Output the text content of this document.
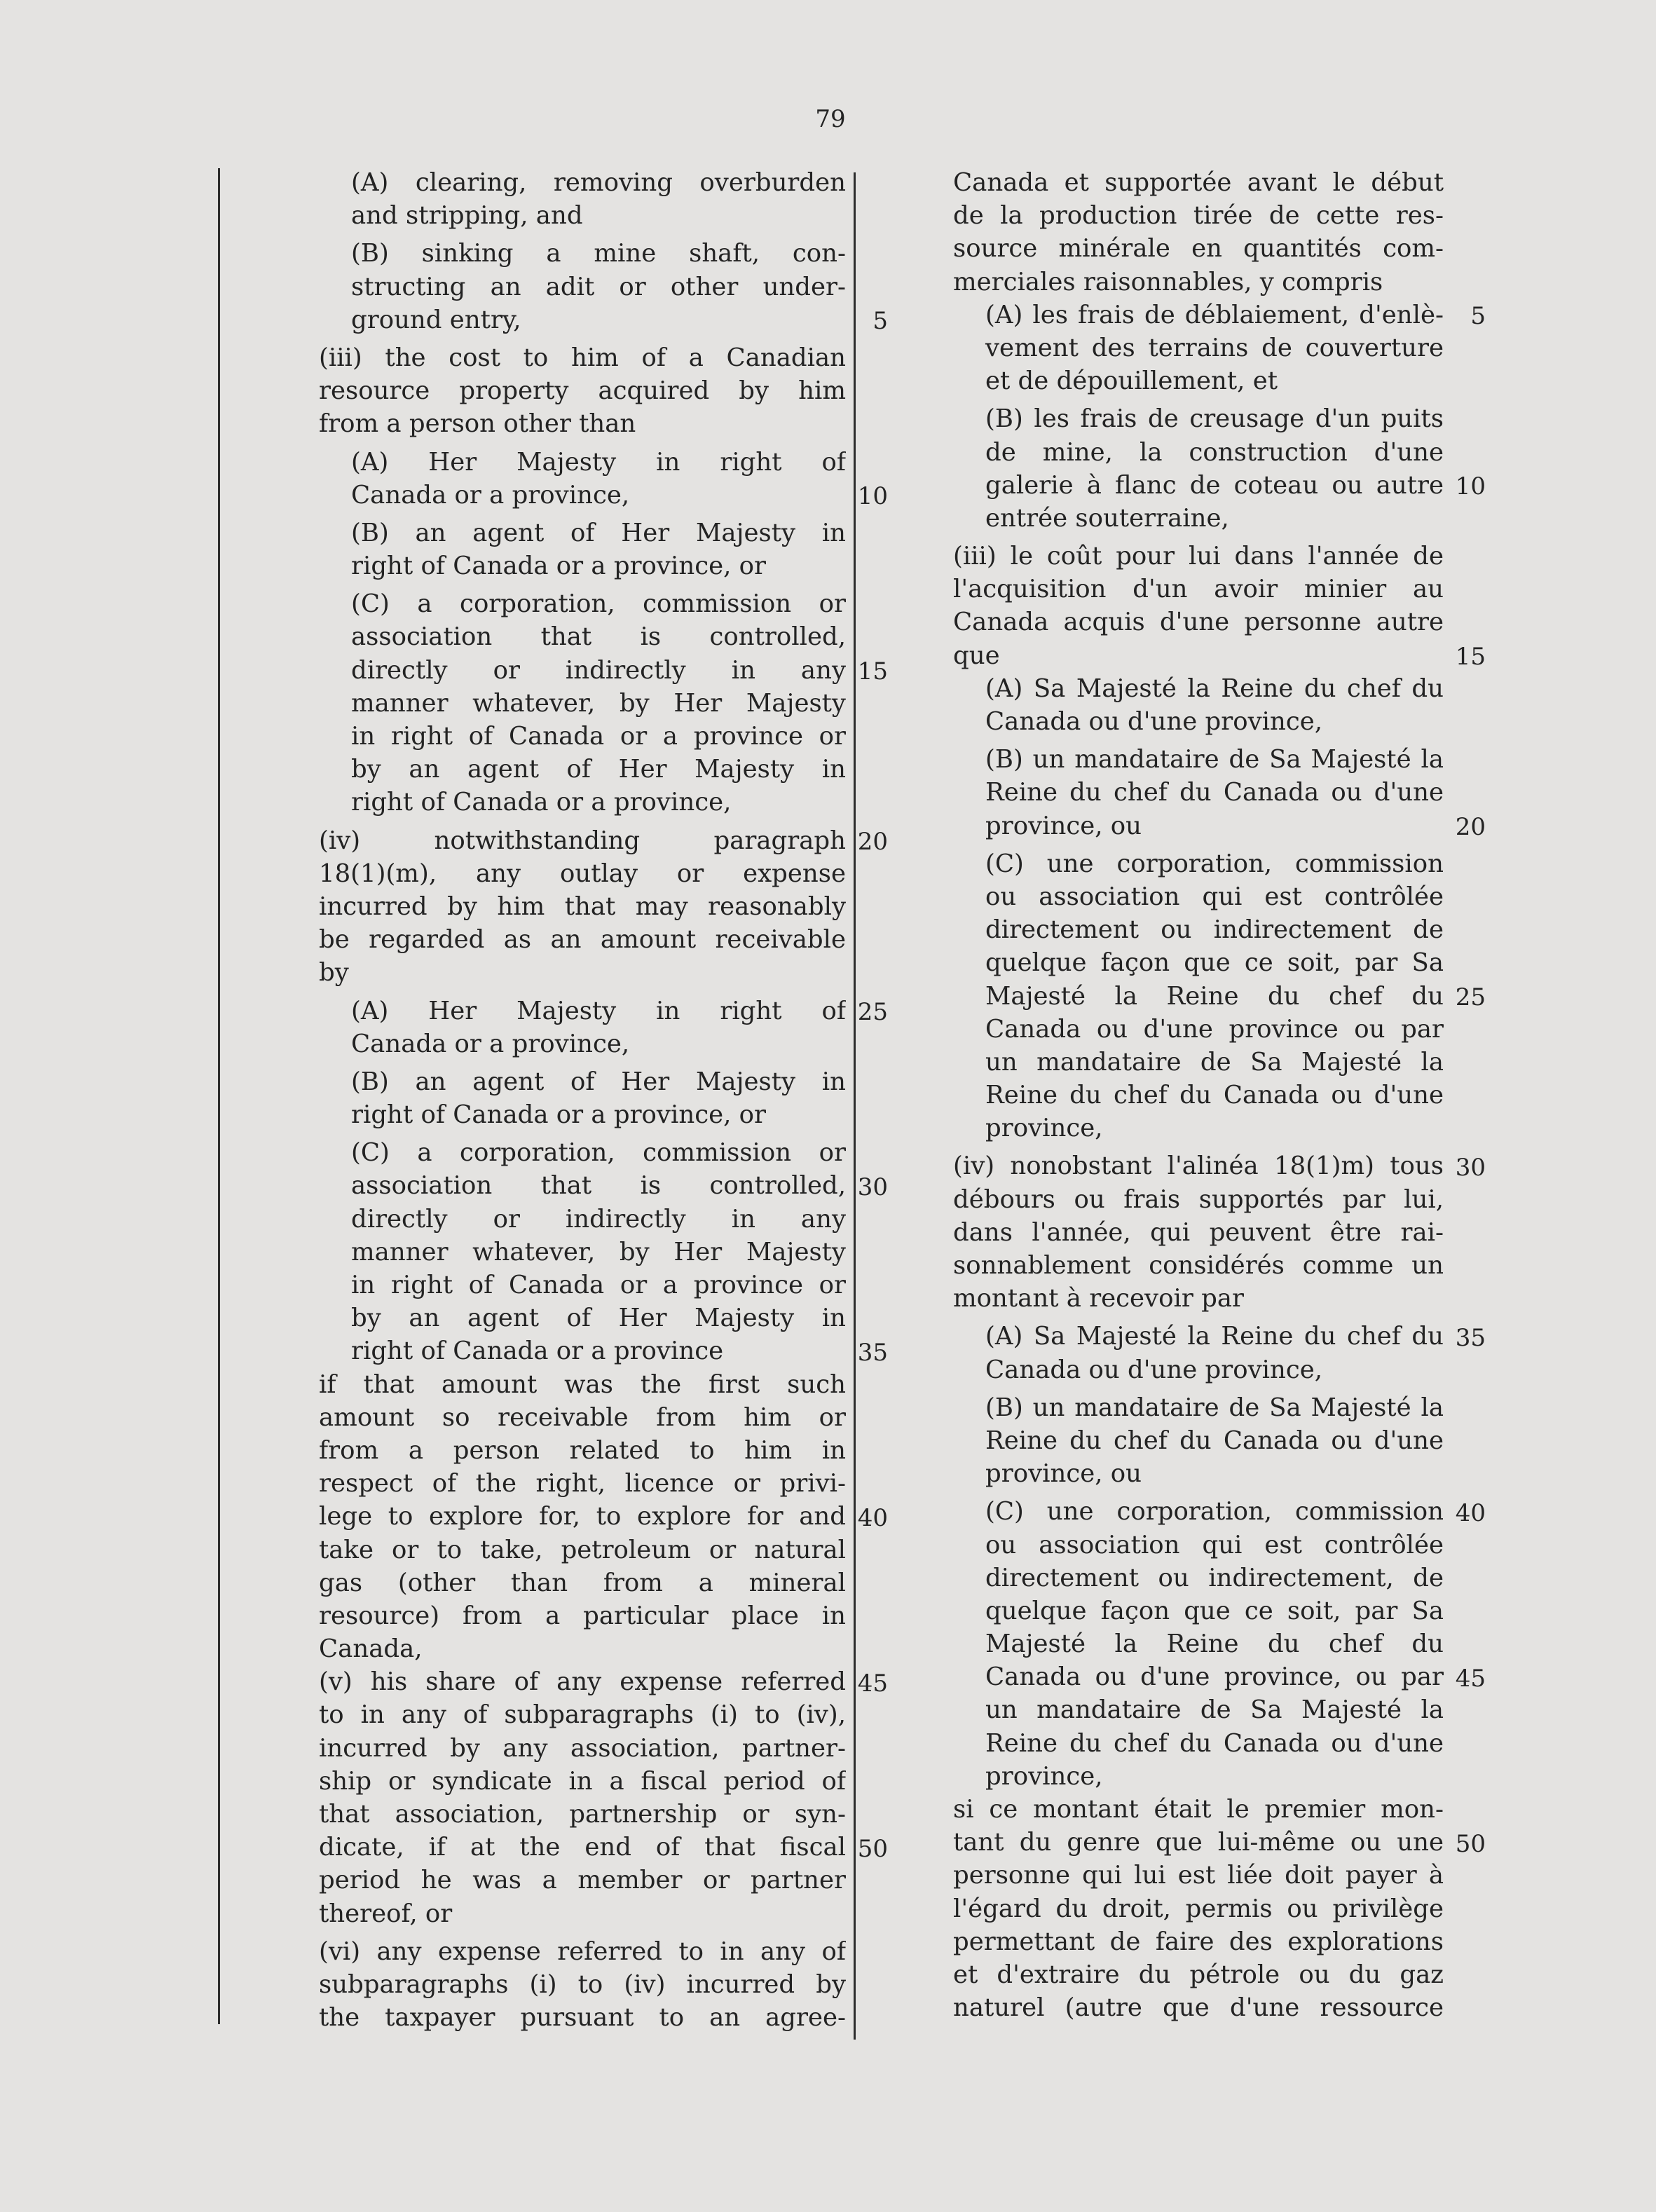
79
(A) clearing, removing overburden
and stripping, and
(B) sinking a mine shaft, con-
structing an adit or other under-
ground entry,	5
(iii) the cost to him of a Canadian
resource property acquired by him
from a person other than
(A) Her Majesty in right of
Canada or a province,	10
(B) an agent of Her Majesty in
right of Canada or a province, or
(C) a corporation, commission or
association that is controlled,
directly or indirectly in any 15
manner whatever, by Her Majesty
in right of Canada or a province or
by an agent of Her Majesty in
right of Canada or a province,
(iv) notwithstanding paragraph 20
18(1)(m), any outlay or expense
incurred by him that may reasonably
be regarded as an amount receivable
by
(A) Her Majesty in right of 25
Canada or a province,
(B) an agent of Her Majesty in
right of Canada or a province, or
(C) a corporation, commission or
association that is controlled, 30
directly or indirectly in any
manner whatever, by Her Majesty
in right of Canada or a province or
by an agent of Her Majesty in
right of Canada or a province	35
if that amount was the first such
amount so receivable from him or
from a person related to him in
respect of the right, licence or privi-
lege to explore for, to explore for and 40
take or to take, petroleum or natural
gas (other than from a mineral
resource) from a particular place in
Canada,
(v) his share of any expense referred 45
to in any of subparagraphs (i) to (iv),
incurred by any association, partner-
ship or syndicate in a fiscal period of
that association, partnership or syn-
dicate, if at the end of that fiscal 50
period he was a member or partner
thereof, or
(vi) any expense referred to in any of
subparagraphs (i) to (iv) incurred by
the taxpayer pursuant to an agree-
Canada et supportée avant le début
de la production tirée de cette res-
source minérale en quantités com-
merciales raisonnables, y compris
(A) les frais de déblaiement, d'enlè-	5
vement des terrains de couverture
et de dépouillement, et
(B) les frais de creusage d'un puits
de mine, la construction d'une
galerie à flanc de coteau ou autre 10
entrée souterraine,
(iii) le coût pour lui dans l'année de
l'acquisition d'un avoir minier au
Canada acquis d'une personne autre
que	15
(A) Sa Majesté la Reine du chef du
Canada ou d'une province,
(B) un mandataire de Sa Majesté la
Reine du chef du Canada ou d'une
province, ou	20
(C) une corporation, commission
ou association qui est contrôlée
directement ou indirectement de
quelque façon que ce soit, par Sa
Majesté la Reine du chef du 25
Canada ou d'une province ou par
un mandataire de Sa Majesté la
Reine du chef du Canada ou d'une
province,
(iv) nonobstant l'alinéa 18(1)m) tous 30
débours ou frais supportés par lui,
dans l'année, qui peuvent être rai-
sonnablement considérés comme un
montant à recevoir par
(A) Sa Majesté la Reine du chef du 35
Canada ou d'une province,
(B) un mandataire de Sa Majesté la
Reine du chef du Canada ou d'une
province, ou
(C) une corporation, commission 40
ou association qui est contrôlée
directement ou indirectement, de
quelque façon que ce soit, par Sa
Majesté la Reine du chef du
Canada ou d'une province, ou par 45
un mandataire de Sa Majesté la
Reine du chef du Canada ou d'une
province,
si ce montant était le premier mon-
tant du genre que lui-même ou une 50
personne qui lui est liée doit payer à
l'égard du droit, permis ou privilège
permettant de faire des explorations
et d'extraire du pétrole ou du gaz
naturel (autre que d'une ressource
